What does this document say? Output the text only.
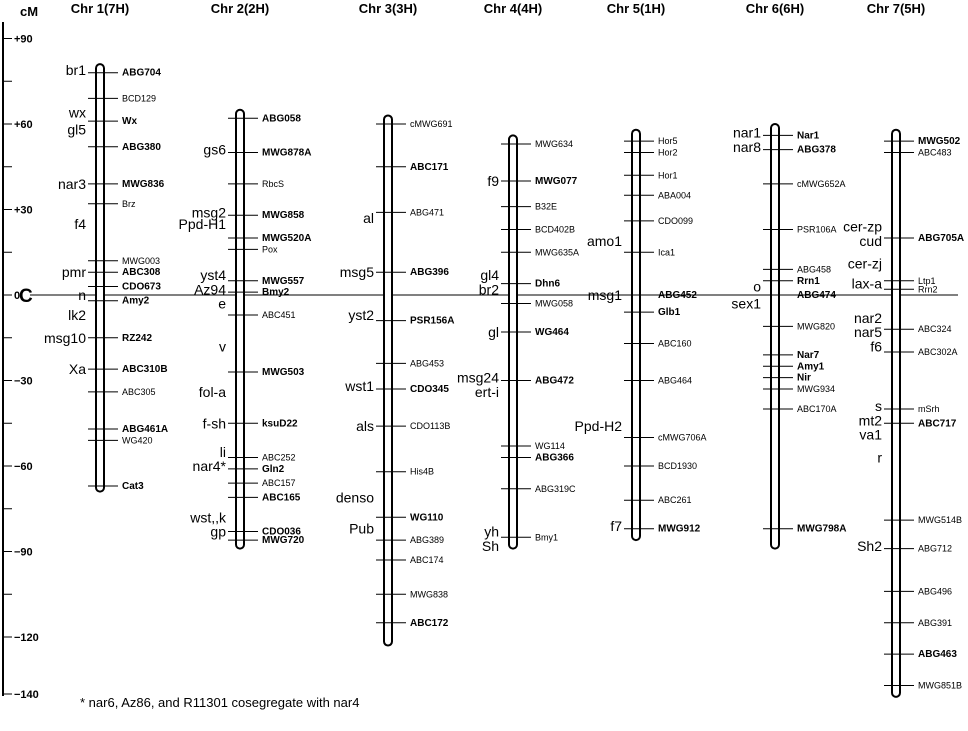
+90
+60
+30
0
−30
−60
−90
−120
−140
C
Chr 1(7H)
ABG704
BCD129
Wx
ABG380
MWG836
Brz
MWG003
ABC308
CDO673
Amy2
RZ242
ABC310B
ABC305
ABG461A
WG420
Cat3
br1
wx
gl5
nar3
f4
pmr
n
lk2
msg10
Xa
Chr 2(2H)
ABG058
MWG878A
RbcS
MWG858
MWG520A
Pox
MWG557
Bmy2
ABC451
MWG503
ksuD22
ABC252
Gln2
ABC157
ABC165
CDO036
MWG720
gs6
msg2
Ppd-H1
yst4
Az94
e
v
fol-a
f-sh
li
nar4*
wst,,k
gp
Chr 3(3H)
cMWG691
ABC171
ABG471
ABG396
PSR156A
ABG453
CDO345
CDO113B
His4B
WG110
ABG389
ABC174
MWG838
ABC172
al
msg5
yst2
wst1
als
denso
Pub
Chr 4(4H)
MWG634
MWG077
B32E
BCD402B
MWG635A
Dhn6
MWG058
WG464
ABG472
WG114
ABG366
ABG319C
Bmy1
f9
gl4
br2
gl
msg24
ert-i
yh
Sh
Chr 5(1H)
Hor5
Hor2
Hor1
ABA004
CDO099
Ica1
ABG452
Glb1
ABC160
ABG464
cMWG706A
BCD1930
ABC261
MWG912
amo1
msg1
Ppd-H2
f7
Chr 6(6H)
Nar1
ABG378
cMWG652A
PSR106A
ABG458
Rrn1
ABG474
MWG820
Nar7
Amy1
Nir
MWG934
ABC170A
MWG798A
nar1
nar8
o
sex1
Chr 7(5H)
MWG502
ABC483
ABG705A
Ltp1
Rrn2
ABC324
ABC302A
mSrh
ABC717
MWG514B
ABG712
ABG496
ABG391
ABG463
MWG851B
cer-zp
cud
cer-zj
lax-a
nar2
nar5
f6
s
mt2
va1
r
Sh2
cM
* nar6, Az86, and R11301 cosegregate with nar4
